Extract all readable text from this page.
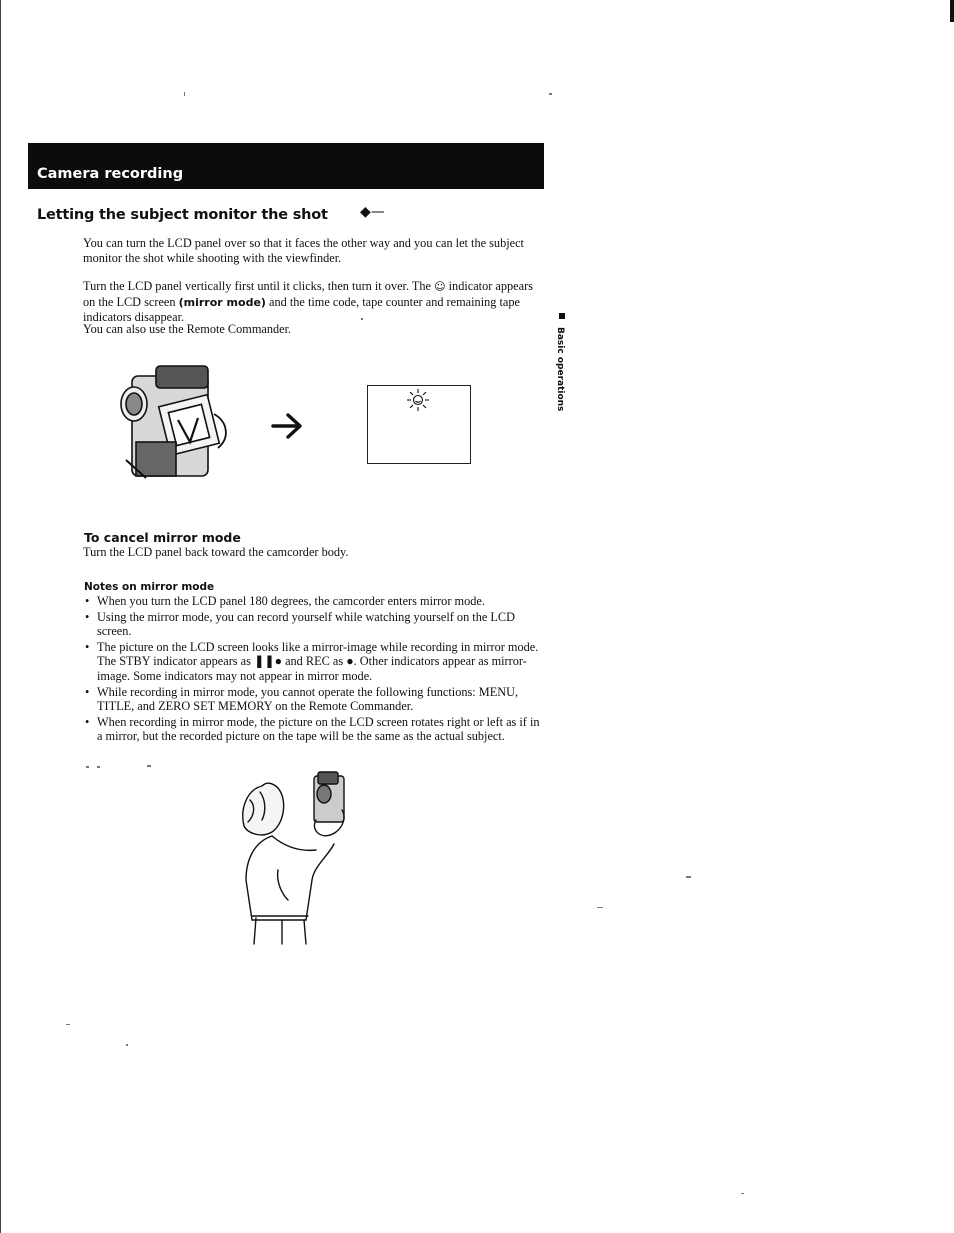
Camera recording
Letting the subject monitor the shot ◆—
You can turn the LCD panel over so that it faces the other way and you can let the subject monitor the shot while shooting with the viewfinder.
Turn the LCD panel vertically first until it clicks, then turn it over. The ☺ indicator appears on the LCD screen (mirror mode) and the time code, tape counter and remaining tape indicators disappear.
You can also use the Remote Commander.	Basic operations
To cancel mirror mode
Turn the LCD panel back toward the camcorder body.
Notes on mirror mode
• When you turn the LCD panel 180 degrees, the camcorder enters mirror mode.
• Using the mirror mode, you can record yourself while watching yourself on the LCD screen.
• The picture on the LCD screen looks like a mirror-image while recording in mirror mode. The STBY indicator appears as ❚❚● and REC as ●. Other indicators appear as mirror-image. Some indicators may not appear in mirror mode.
• While recording in mirror mode, you cannot operate the following functions: MENU, TITLE, and ZERO SET MEMORY on the Remote Commander.
• When recording in mirror mode, the picture on the LCD screen rotates right or left as if in a mirror, but the recorded picture on the tape will be the same as the actual subject.
